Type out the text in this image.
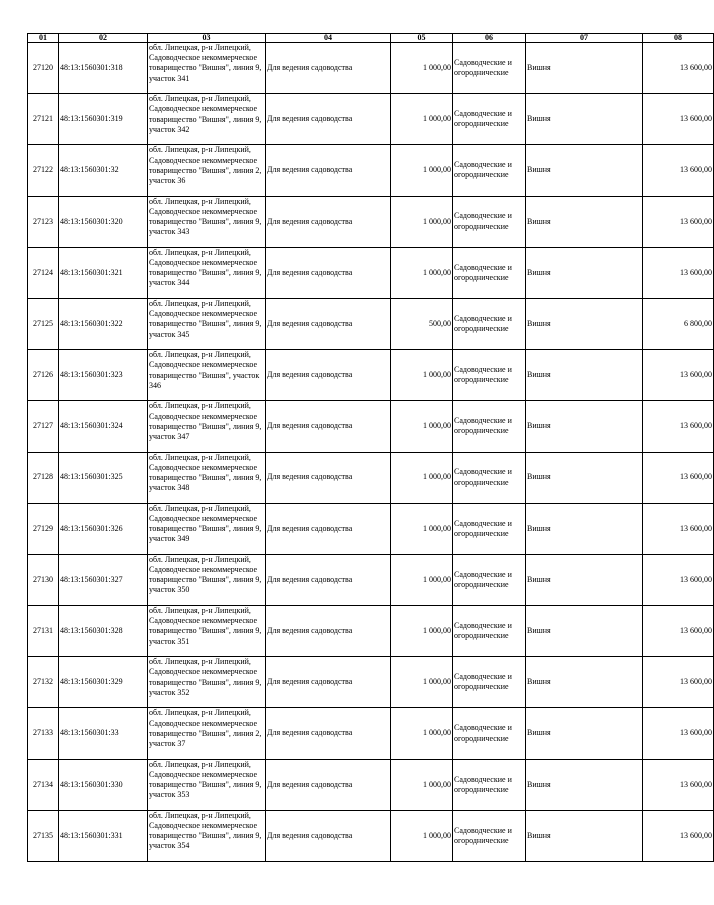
01	02	03	04	05	06	07	08
27120	48:13:1560301:318	обл. Липецкая, р-н Липецкий, Садоводческое некоммерческое товарищество "Вишня", линия 9, участок 341	Для ведения садоводства	1 000,00	Садоводческие и огороднические	Вишня	13 600,00
27121	48:13:1560301:319	обл. Липецкая, р-н Липецкий, Садоводческое некоммерческое товарищество "Вишня", линия 9, участок 342	Для ведения садоводства	1 000,00	Садоводческие и огороднические	Вишня	13 600,00
27122	48:13:1560301:32	обл. Липецкая, р-н Липецкий, Садоводческое некоммерческое товарищество "Вишня", линия 2, участок 36	Для ведения садоводства	1 000,00	Садоводческие и огороднические	Вишня	13 600,00
27123	48:13:1560301:320	обл. Липецкая, р-н Липецкий, Садоводческое некоммерческое товарищество "Вишня", линия 9, участок 343	Для ведения садоводства	1 000,00	Садоводческие и огороднические	Вишня	13 600,00
27124	48:13:1560301:321	обл. Липецкая, р-н Липецкий, Садоводческое некоммерческое товарищество "Вишня", линия 9, участок 344	Для ведения садоводства	1 000,00	Садоводческие и огороднические	Вишня	13 600,00
27125	48:13:1560301:322	обл. Липецкая, р-н Липецкий, Садоводческое некоммерческое товарищество "Вишня", линия 9, участок 345	Для ведения садоводства	500,00	Садоводческие и огороднические	Вишня	6 800,00
27126	48:13:1560301:323	обл. Липецкая, р-н Липецкий, Садоводческое некоммерческое товарищество "Вишня", участок 346	Для ведения садоводства	1 000,00	Садоводческие и огороднические	Вишня	13 600,00
27127	48:13:1560301:324	обл. Липецкая, р-н Липецкий, Садоводческое некоммерческое товарищество "Вишня", линия 9, участок 347	Для ведения садоводства	1 000,00	Садоводческие и огороднические	Вишня	13 600,00
27128	48:13:1560301:325	обл. Липецкая, р-н Липецкий, Садоводческое некоммерческое товарищество "Вишня", линия 9, участок 348	Для ведения садоводства	1 000,00	Садоводческие и огороднические	Вишня	13 600,00
27129	48:13:1560301:326	обл. Липецкая, р-н Липецкий, Садоводческое некоммерческое товарищество "Вишня", линия 9, участок 349	Для ведения садоводства	1 000,00	Садоводческие и огороднические	Вишня	13 600,00
27130	48:13:1560301:327	обл. Липецкая, р-н Липецкий, Садоводческое некоммерческое товарищество "Вишня", линия 9, участок 350	Для ведения садоводства	1 000,00	Садоводческие и огороднические	Вишня	13 600,00
27131	48:13:1560301:328	обл. Липецкая, р-н Липецкий, Садоводческое некоммерческое товарищество "Вишня", линия 9, участок 351	Для ведения садоводства	1 000,00	Садоводческие и огороднические	Вишня	13 600,00
27132	48:13:1560301:329	обл. Липецкая, р-н Липецкий, Садоводческое некоммерческое товарищество "Вишня", линия 9, участок 352	Для ведения садоводства	1 000,00	Садоводческие и огороднические	Вишня	13 600,00
27133	48:13:1560301:33	обл. Липецкая, р-н Липецкий, Садоводческое некоммерческое товарищество "Вишня", линия 2, участок 37	Для ведения садоводства	1 000,00	Садоводческие и огороднические	Вишня	13 600,00
27134	48:13:1560301:330	обл. Липецкая, р-н Липецкий, Садоводческое некоммерческое товарищество "Вишня", линия 9, участок 353	Для ведения садоводства	1 000,00	Садоводческие и огороднические	Вишня	13 600,00
27135	48:13:1560301:331	обл. Липецкая, р-н Липецкий, Садоводческое некоммерческое товарищество "Вишня", линия 9, участок 354	Для ведения садоводства	1 000,00	Садоводческие и огороднические	Вишня	13 600,00
